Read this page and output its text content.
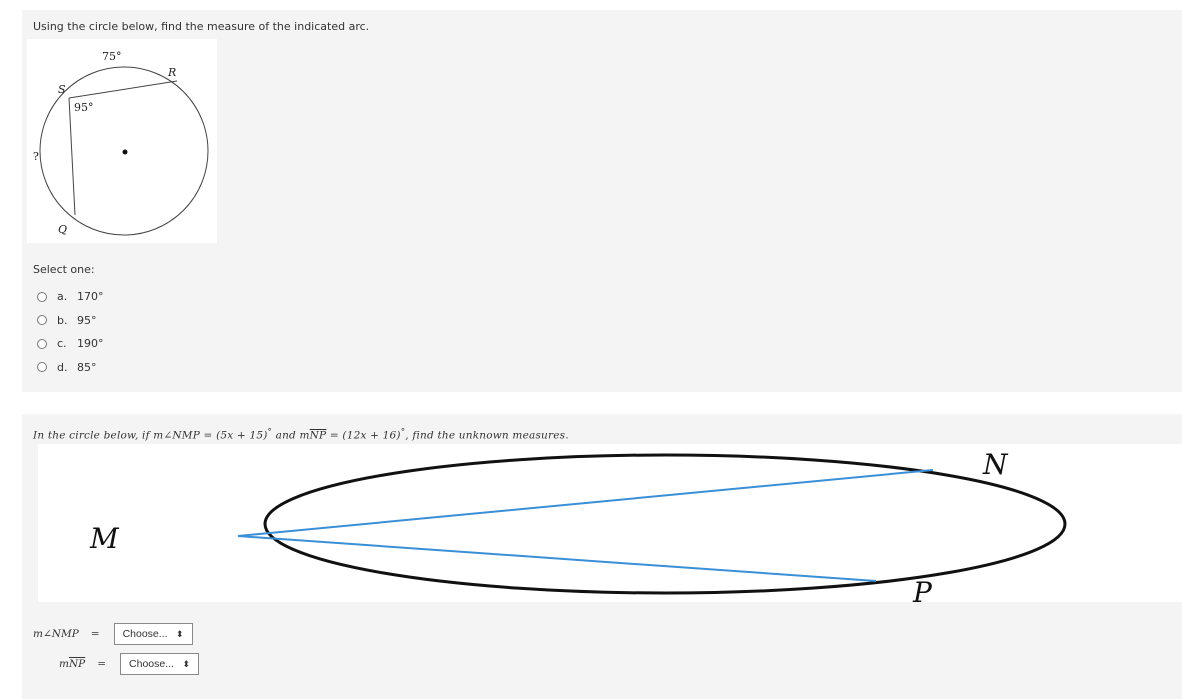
Using the circle below, find the measure of the indicated arc.
75°
R
S
95°
?
Q
Select one:
a. 170°
b. 95°
c. 190°
d. 85°
In the circle below, if m∠NMP = (5x + 15)° and $m\overline{NP} = (12x + 16)^\circ$, find the unknown measures.
M
N
P
m∠NMP = Choose... ⬍
m $\overline{NP}$ = Choose... ⬍
